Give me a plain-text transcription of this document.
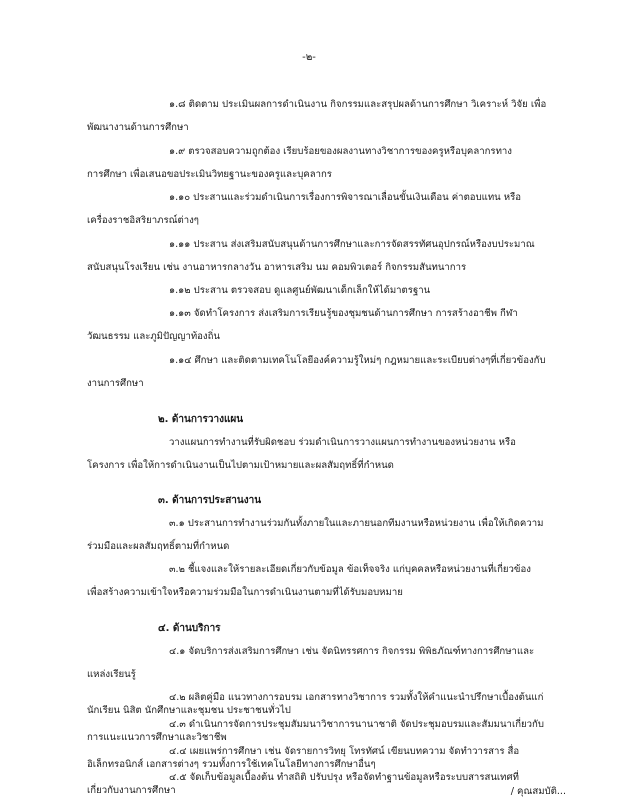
-๒-
๑.๘ ติดตาม ประเมินผลการดำเนินงาน กิจกรรมและสรุปผลด้านการศึกษา วิเคราะห์ วิจัย เพื่อ
พัฒนางานด้านการศึกษา
๑.๙ ตรวจสอบความถูกต้อง เรียบร้อยของผลงานทางวิชาการของครูหรือบุคลากรทาง
การศึกษา เพื่อเสนอขอประเมินวิทยฐานะของครูและบุคลากร
๑.๑๐ ประสานและร่วมดำเนินการเรื่องการพิจารณาเลื่อนขั้นเงินเดือน ค่าตอบแทน หรือ
เครื่องราชอิสริยาภรณ์ต่างๆ
๑.๑๑ ประสาน ส่งเสริมสนับสนุนด้านการศึกษาและการจัดสรรทัศนอุปกรณ์หรืองบประมาณ
สนับสนุนโรงเรียน เช่น งานอาหารกลางวัน อาหารเสริม นม คอมพิวเตอร์ กิจกรรมสันทนาการ
๑.๑๒ ประสาน ตรวจสอบ ดูแลศูนย์พัฒนาเด็กเล็กให้ได้มาตรฐาน
๑.๑๓ จัดทำโครงการ ส่งเสริมการเรียนรู้ของชุมชนด้านการศึกษา การสร้างอาชีพ กีฬา
วัฒนธรรม และภูมิปัญญาท้องถิ่น
๑.๑๔ ศึกษา และติดตามเทคโนโลยีองค์ความรู้ใหม่ๆ กฎหมายและระเบียบต่างๆที่เกี่ยวข้องกับ
งานการศึกษา
๒. ด้านการวางแผน
วางแผนการทำงานที่รับผิดชอบ ร่วมดำเนินการวางแผนการทำงานของหน่วยงาน หรือ
โครงการ เพื่อให้การดำเนินงานเป็นไปตามเป้าหมายและผลสัมฤทธิ์ที่กำหนด
๓. ด้านการประสานงาน
๓.๑ ประสานการทำงานร่วมกันทั้งภายในและภายนอกทีมงานหรือหน่วยงาน เพื่อให้เกิดความ
ร่วมมือและผลสัมฤทธิ์ตามที่กำหนด
๓.๒ ชี้แจงและให้รายละเอียดเกี่ยวกับข้อมูล ข้อเท็จจริง แก่บุคคลหรือหน่วยงานที่เกี่ยวข้อง
เพื่อสร้างความเข้าใจหรือความร่วมมือในการดำเนินงานตามที่ได้รับมอบหมาย
๔. ด้านบริการ
๔.๑ จัดบริการส่งเสริมการศึกษา เช่น จัดนิทรรศการ กิจกรรม พิพิธภัณฑ์ทางการศึกษาและ
แหล่งเรียนรู้
๔.๒ ผลิตคู่มือ แนวทางการอบรม เอกสารทางวิชาการ รวมทั้งให้คำแนะนำปรึกษาเบื้องต้นแก่
นักเรียน นิสิต นักศึกษาและชุมชน ประชาชนทั่วไป
๔.๓ ดำเนินการจัดการประชุมสัมมนาวิชาการนานาชาติ จัดประชุมอบรมและสัมมนาเกี่ยวกับ
การแนะแนวการศึกษาและวิชาชีพ
๔.๔ เผยแพร่การศึกษา เช่น จัดรายการวิทยุ โทรทัศน์ เขียนบทความ จัดทำวารสาร สื่อ
อิเล็กทรอนิกส์ เอกสารต่างๆ รวมทั้งการใช้เทคโนโลยีทางการศึกษาอื่นๆ
๔.๕ จัดเก็บข้อมูลเบื้องต้น ทำสถิติ ปรับปรุง หรือจัดทำฐานข้อมูลหรือระบบสารสนเทศที่
เกี่ยวกับงานการศึกษา	/ คุณสมบัติ...
